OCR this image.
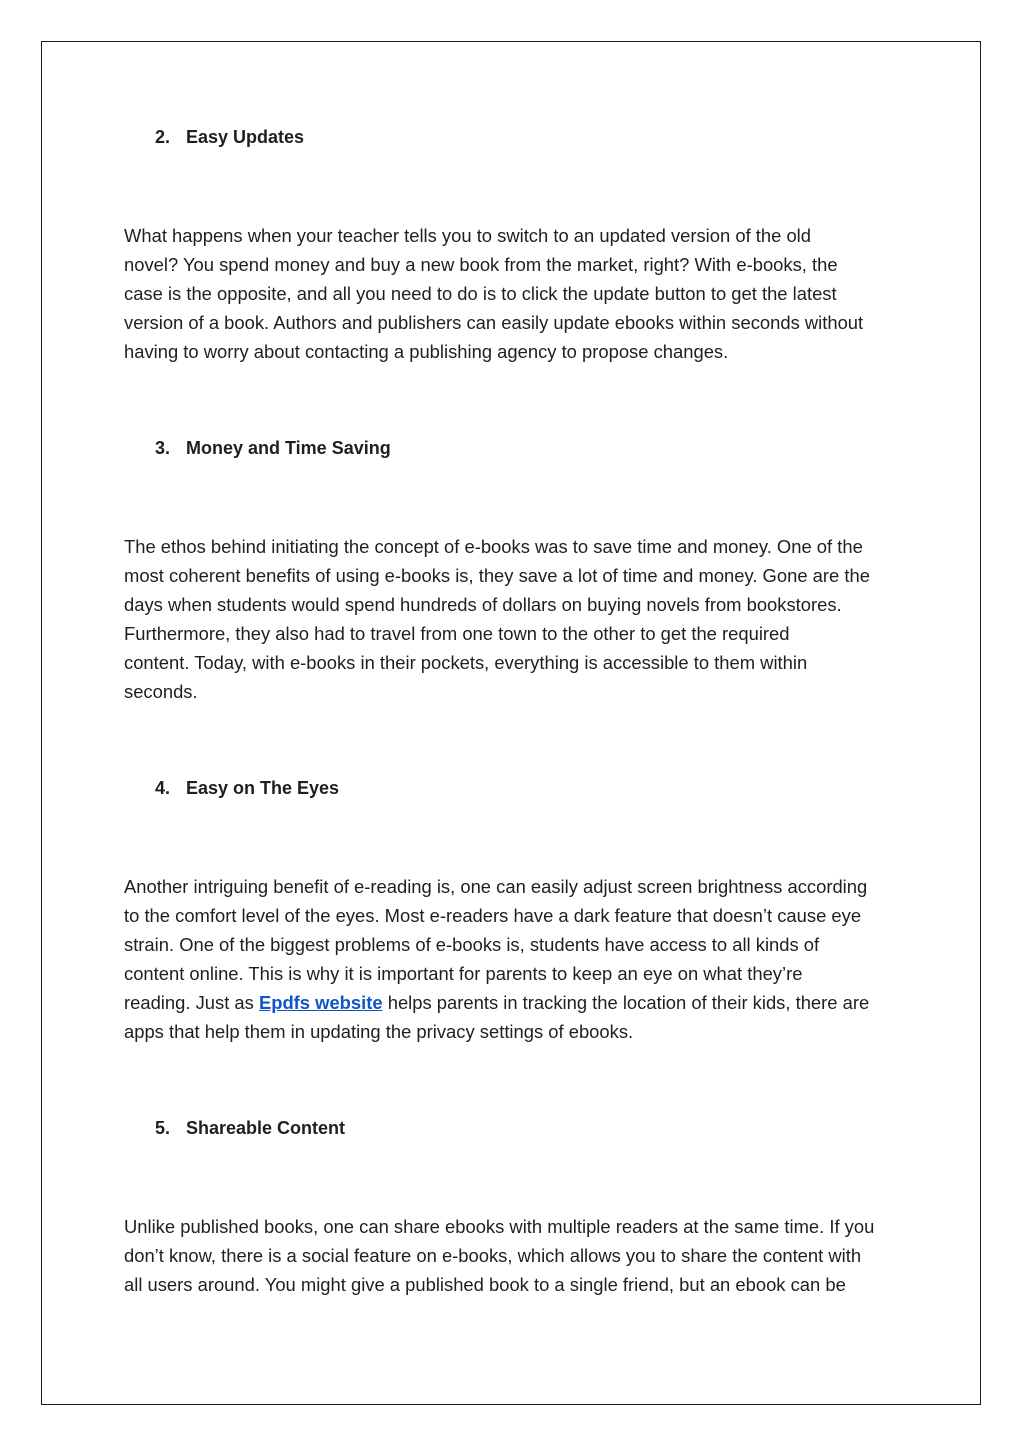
2. Easy Updates
What happens when your teacher tells you to switch to an updated version of the old
novel? You spend money and buy a new book from the market, right? With e-books, the
case is the opposite, and all you need to do is to click the update button to get the latest
version of a book. Authors and publishers can easily update ebooks within seconds without
having to worry about contacting a publishing agency to propose changes.
3. Money and Time Saving
The ethos behind initiating the concept of e-books was to save time and money. One of the
most coherent benefits of using e-books is, they save a lot of time and money. Gone are the
days when students would spend hundreds of dollars on buying novels from bookstores.
Furthermore, they also had to travel from one town to the other to get the required
content. Today, with e-books in their pockets, everything is accessible to them within
seconds.
4. Easy on The Eyes
Another intriguing benefit of e-reading is, one can easily adjust screen brightness according
to the comfort level of the eyes. Most e-readers have a dark feature that doesn’t cause eye
strain. One of the biggest problems of e-books is, students have access to all kinds of
content online. This is why it is important for parents to keep an eye on what they’re
reading. Just as Epdfs website helps parents in tracking the location of their kids, there are
apps that help them in updating the privacy settings of ebooks.
5. Shareable Content
Unlike published books, one can share ebooks with multiple readers at the same time. If you
don’t know, there is a social feature on e-books, which allows you to share the content with
all users around. You might give a published book to a single friend, but an ebook can be
